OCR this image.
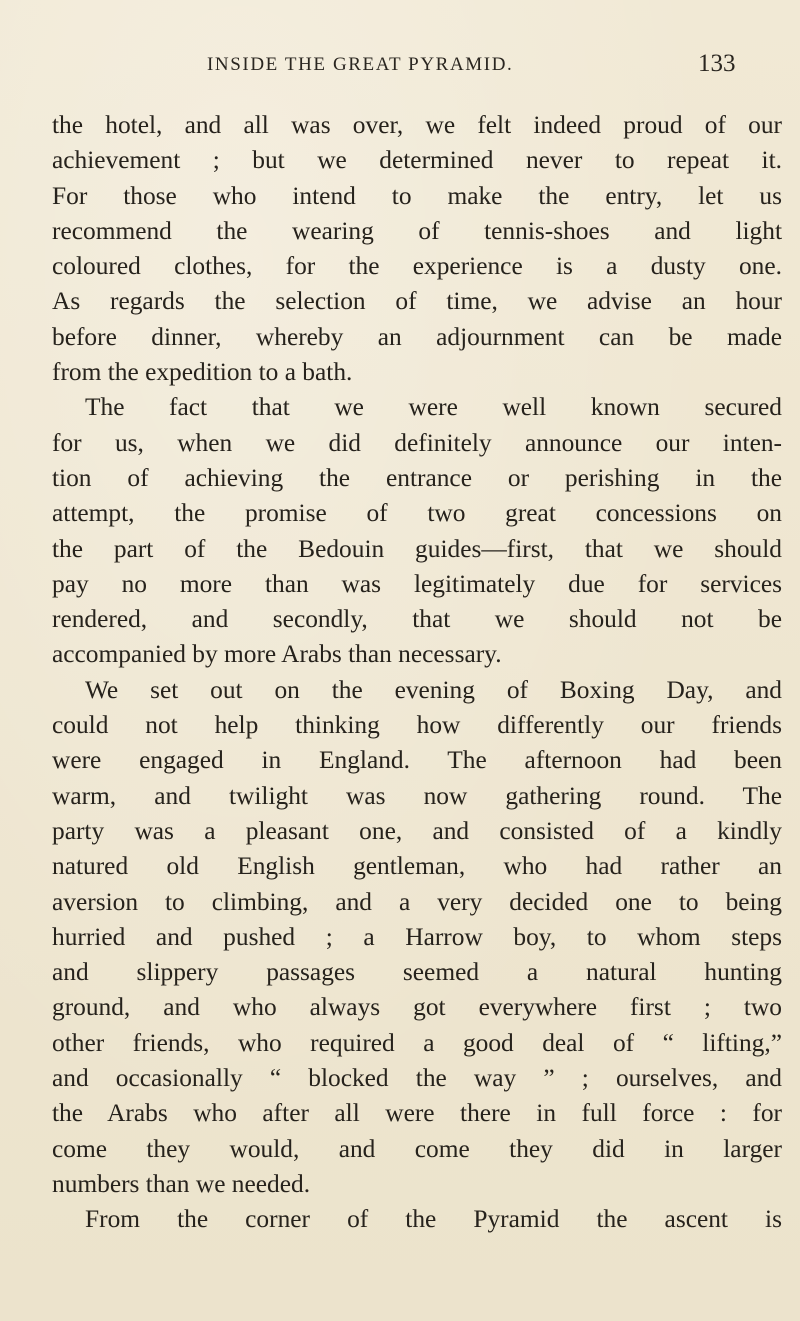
INSIDE THE GREAT PYRAMID.	133
the hotel, and all was over, we felt indeed proud of our
achievement ; but we determined never to repeat it.
For those who intend to make the entry, let us
recommend the wearing of tennis-shoes and light
coloured clothes, for the experience is a dusty one.
As regards the selection of time, we advise an hour
before dinner, whereby an adjournment can be made
from the expedition to a bath.
The fact that we were well known secured
for us, when we did definitely announce our inten-
tion of achieving the entrance or perishing in the
attempt, the promise of two great concessions on
the part of the Bedouin guides—first, that we should
pay no more than was legitimately due for services
rendered, and secondly, that we should not be
accompanied by more Arabs than necessary.
We set out on the evening of Boxing Day, and
could not help thinking how differently our friends
were engaged in England. The afternoon had been
warm, and twilight was now gathering round. The
party was a pleasant one, and consisted of a kindly
natured old English gentleman, who had rather an
aversion to climbing, and a very decided one to being
hurried and pushed ; a Harrow boy, to whom steps
and slippery passages seemed a natural hunting
ground, and who always got everywhere first ; two
other friends, who required a good deal of “ lifting,”
and occasionally “ blocked the way ” ; ourselves, and
the Arabs who after all were there in full force : for
come they would, and come they did in larger
numbers than we needed.
From the corner of the Pyramid the ascent is
